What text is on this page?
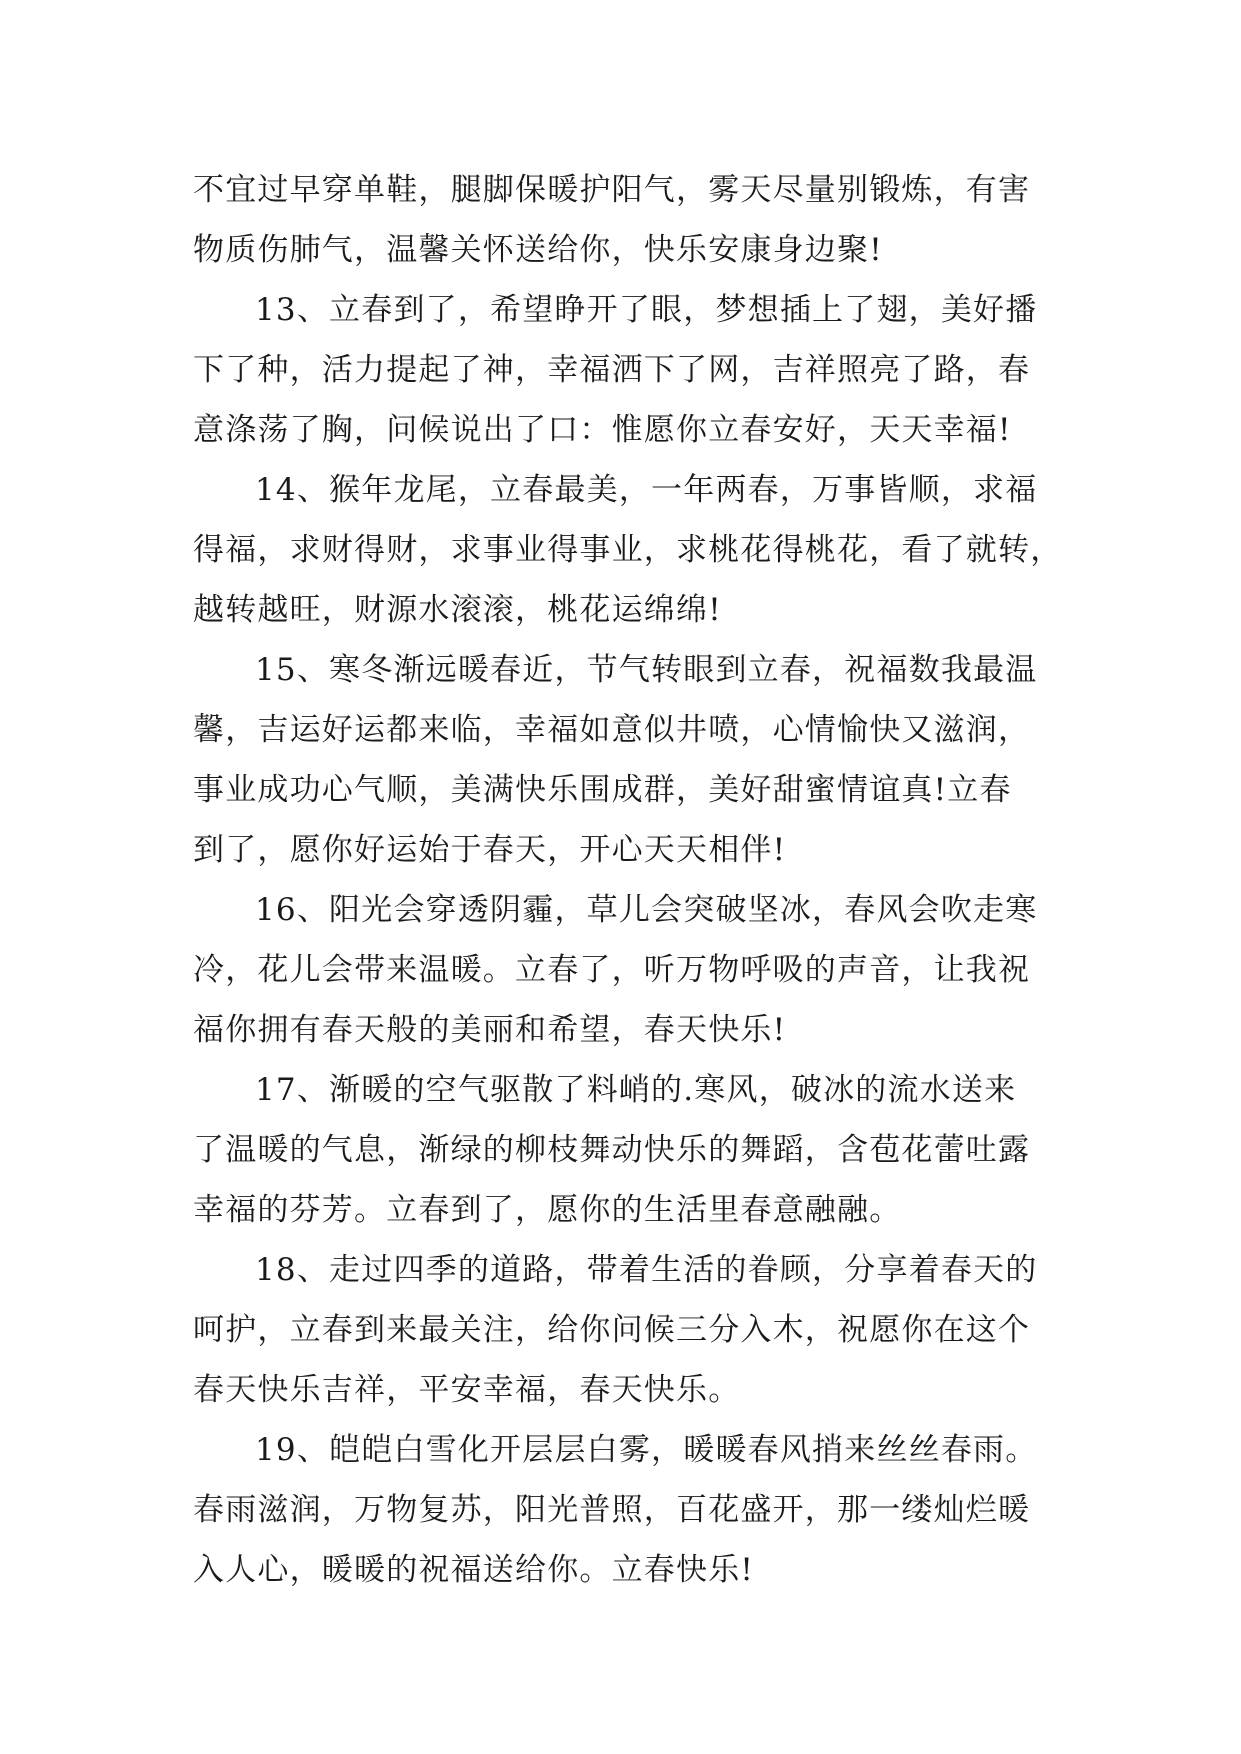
不宜过早穿单鞋，腿脚保暖护阳气，雾天尽量别锻炼，有害
物质伤肺气，温馨关怀送给你，快乐安康身边聚!
13、立春到了，希望睁开了眼，梦想插上了翅，美好播
下了种，活力提起了神，幸福洒下了网，吉祥照亮了路，春
意涤荡了胸，问候说出了口：惟愿你立春安好，天天幸福!
14、猴年龙尾，立春最美，一年两春，万事皆顺，求福
得福，求财得财，求事业得事业，求桃花得桃花，看了就转，
越转越旺，财源水滚滚，桃花运绵绵!
15、寒冬渐远暖春近，节气转眼到立春，祝福数我最温
馨，吉运好运都来临，幸福如意似井喷，心情愉快又滋润，
事业成功心气顺，美满快乐围成群，美好甜蜜情谊真!立春
到了，愿你好运始于春天，开心天天相伴!
16、阳光会穿透阴霾，草儿会突破坚冰，春风会吹走寒
冷，花儿会带来温暖。立春了，听万物呼吸的声音，让我祝
福你拥有春天般的美丽和希望，春天快乐!
17、渐暖的空气驱散了料峭的.寒风，破冰的流水送来
了温暖的气息，渐绿的柳枝舞动快乐的舞蹈，含苞花蕾吐露
幸福的芬芳。立春到了，愿你的生活里春意融融。
18、走过四季的道路，带着生活的眷顾，分享着春天的
呵护，立春到来最关注，给你问候三分入木，祝愿你在这个
春天快乐吉祥，平安幸福，春天快乐。
19、皑皑白雪化开层层白雾，暖暖春风捎来丝丝春雨。
春雨滋润，万物复苏，阳光普照，百花盛开，那一缕灿烂暖
入人心，暖暖的祝福送给你。立春快乐!
